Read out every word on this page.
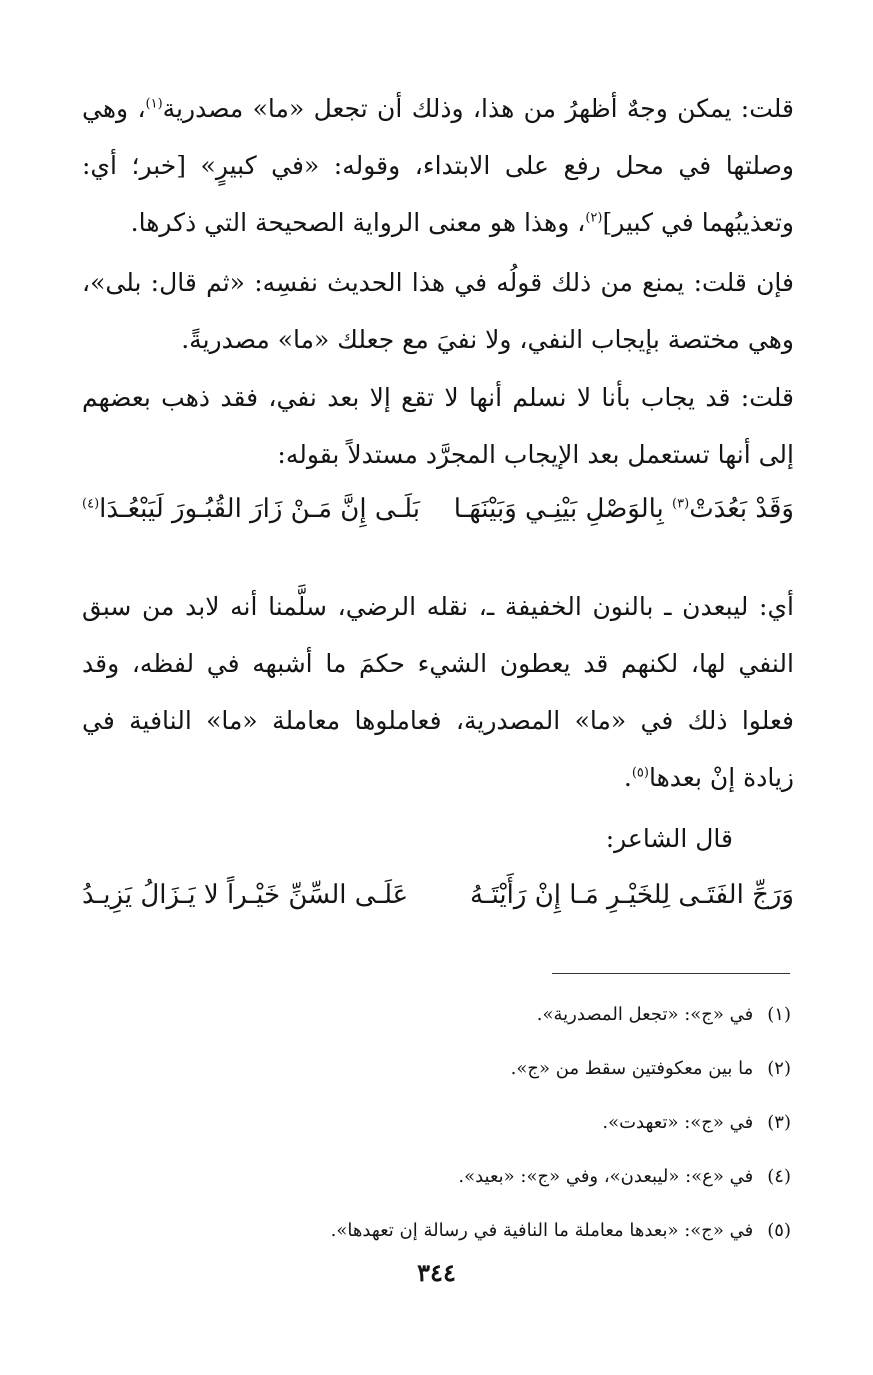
قلت: يمكن وجهٌ أظهرُ من هذا، وذلك أن تجعل «ما» مصدرية$^{(١)}$، وهي وصلتها في محل رفع على الابتداء، وقوله: «في كبيرٍ» [خبر؛ أي: وتعذيبُهما في كبير]$^{(٢)}$، وهذا هو معنى الرواية الصحيحة التي ذكرها.

فإن قلت: يمنع من ذلك قولُه في هذا الحديث نفسِه: «ثم قال: بلى»، وهي مختصة بإيجاب النفي، ولا نفيَ مع جعلك «ما» مصدريةً.

قلت: قد يجاب بأنا لا نسلم أنها لا تقع إلا بعد نفي، فقد ذهب بعضهم إلى أنها تستعمل بعد الإيجاب المجرَّد مستدلاً بقوله:

وَقَدْ بَعُدَتْ$^{(٣)}$ بِالوَصْلِ بَيْنِـي وَبَيْنَهَـا
بَلَـى إِنَّ مَـنْ زَارَ القُبُـورَ لَيَبْعُـدَا$^{(٤)}$

أي: ليبعدن ـ بالنون الخفيفة ـ، نقله الرضي، سلَّمنا أنه لابد من سبق النفي لها، لكنهم قد يعطون الشيء حكمَ ما أشبهه في لفظه، وقد فعلوا ذلك في «ما» المصدرية، فعاملوها معاملة «ما» النافية في زيادة إنْ بعدها$^{(٥)}$.

قال الشاعر:

وَرَجِّ الفَتَـى لِلخَيْـرِ مَـا إِنْ رَأَيْتَـهُ
عَلَـى السِّنِّ خَيْـراً لا يَـزَالُ يَزِيـدُ
(١)في «ج»: «تجعل المصدرية».
(٢)ما بين معكوفتين سقط من «ج».
(٣)في «ج»: «تعهدت».
(٤)في «ع»: «ليبعدن»، وفي «ج»: «بعيد».
(٥)في «ج»: «بعدها معاملة ما النافية في رسالة إن تعهدها».
٣٤٤
